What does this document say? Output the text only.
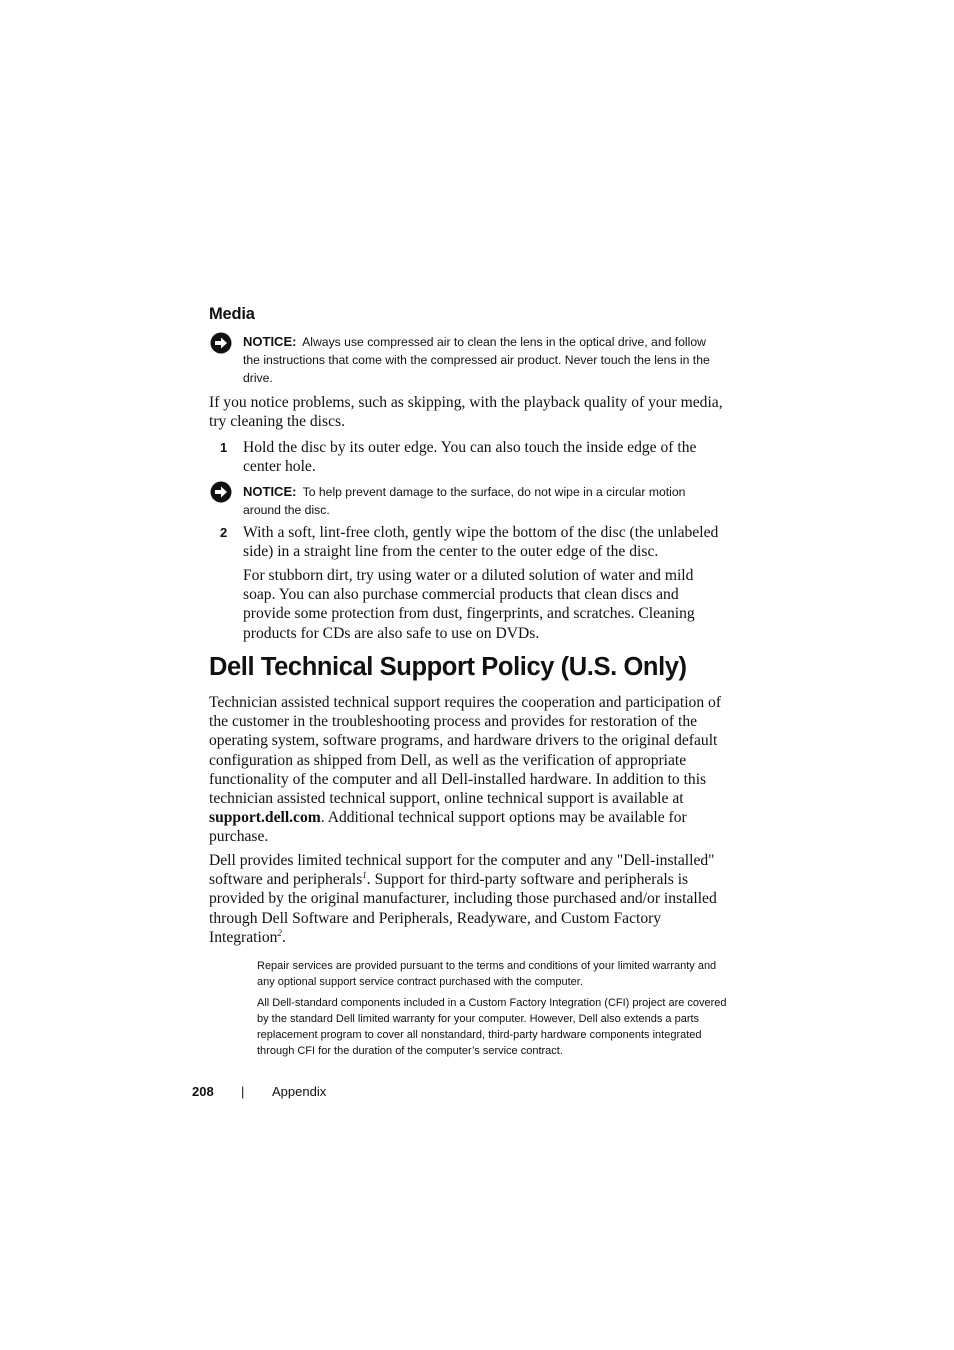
Media
NOTICE: Always use compressed air to clean the lens in the optical drive, and follow the instructions that come with the compressed air product. Never touch the lens in the drive.
If you notice problems, such as skipping, with the playback quality of your media, try cleaning the discs.
1 Hold the disc by its outer edge. You can also touch the inside edge of the center hole.
NOTICE: To help prevent damage to the surface, do not wipe in a circular motion around the disc.
2 With a soft, lint-free cloth, gently wipe the bottom of the disc (the unlabeled side) in a straight line from the center to the outer edge of the disc.
For stubborn dirt, try using water or a diluted solution of water and mild soap. You can also purchase commercial products that clean discs and provide some protection from dust, fingerprints, and scratches. Cleaning products for CDs are also safe to use on DVDs.
Dell Technical Support Policy (U.S. Only)
Technician assisted technical support requires the cooperation and participation of the customer in the troubleshooting process and provides for restoration of the operating system, software programs, and hardware drivers to the original default configuration as shipped from Dell, as well as the verification of appropriate functionality of the computer and all Dell-installed hardware. In addition to this technician assisted technical support, online technical support is available at support.dell.com. Additional technical support options may be available for purchase.
Dell provides limited technical support for the computer and any "Dell-installed" software and peripherals$^1$. Support for third-party software and peripherals is provided by the original manufacturer, including those purchased and/or installed through Dell Software and Peripherals, Readyware, and Custom Factory Integration$^2$.
Repair services are provided pursuant to the terms and conditions of your limited warranty and any optional support service contract purchased with the computer.
All Dell-standard components included in a Custom Factory Integration (CFI) project are covered by the standard Dell limited warranty for your computer. However, Dell also extends a parts replacement program to cover all nonstandard, third-party hardware components integrated through CFI for the duration of the computer’s service contract.
208 | Appendix
